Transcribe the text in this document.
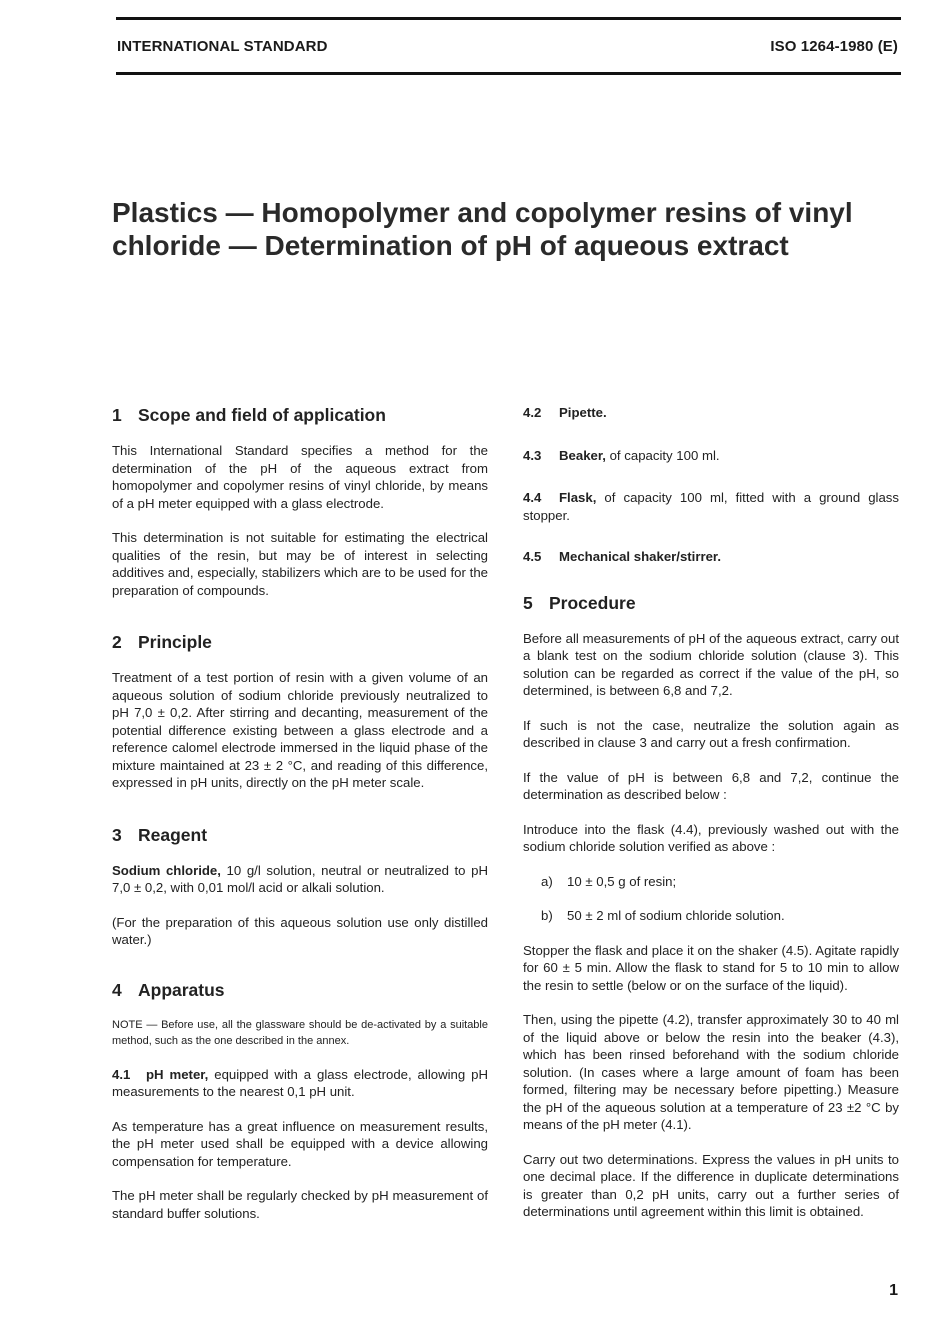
INTERNATIONAL STANDARD	ISO 1264-1980 (E)
Plastics — Homopolymer and copolymer resins of vinyl
chloride — Determination of pH of aqueous extract
1 Scope and field of application

This International Standard specifies a method for the determination of the pH of the aqueous extract from homopolymer and copolymer resins of vinyl chloride, by means of a pH meter equipped with a glass electrode.

This determination is not suitable for estimating the electrical qualities of the resin, but may be of interest in selecting additives and, especially, stabilizers which are to be used for the preparation of compounds.

2 Principle

Treatment of a test portion of resin with a given volume of an aqueous solution of sodium chloride previously neutralized to pH 7,0 ± 0,2. After stirring and decanting, measurement of the potential difference existing between a glass electrode and a reference calomel electrode immersed in the liquid phase of the mixture maintained at 23 ± 2 °C, and reading of this difference, expressed in pH units, directly on the pH meter scale.

3 Reagent

Sodium chloride, 10 g/l solution, neutral or neutralized to pH 7,0 ± 0,2, with 0,01 mol/l acid or alkali solution.

(For the preparation of this aqueous solution use only distilled water.)

4 Apparatus

NOTE — Before use, all the glassware should be de-activated by a suitable method, such as the one described in the annex.

4.1 pH meter, equipped with a glass electrode, allowing pH measurements to the nearest 0,1 pH unit.

As temperature has a great influence on measurement results, the pH meter used shall be equipped with a device allowing compensation for temperature.

The pH meter shall be regularly checked by pH measurement of standard buffer solutions.

4.2 Pipette.

4.3 Beaker, of capacity 100 ml.

4.4 Flask, of capacity 100 ml, fitted with a ground glass stopper.

4.5 Mechanical shaker/stirrer.

5 Procedure

Before all measurements of pH of the aqueous extract, carry out a blank test on the sodium chloride solution (clause 3). This solution can be regarded as correct if the value of the pH, so determined, is between 6,8 and 7,2.

If such is not the case, neutralize the solution again as described in clause 3 and carry out a fresh confirmation.

If the value of pH is between 6,8 and 7,2, continue the determination as described below :

Introduce into the flask (4.4), previously washed out with the sodium chloride solution verified as above :

a) 10 ± 0,5 g of resin;

b) 50 ± 2 ml of sodium chloride solution.

Stopper the flask and place it on the shaker (4.5). Agitate rapidly for 60 ± 5 min. Allow the flask to stand for 5 to 10 min to allow the resin to settle (below or on the surface of the liquid).

Then, using the pipette (4.2), transfer approximately 30 to 40 ml of the liquid above or below the resin into the beaker (4.3), which has been rinsed beforehand with the sodium chloride solution. (In cases where a large amount of foam has been formed, filtering may be necessary before pipetting.) Measure the pH of the aqueous solution at a temperature of 23 ±2 °C by means of the pH meter (4.1).

Carry out two determinations. Express the values in pH units to one decimal place. If the difference in duplicate determinations is greater than 0,2 pH units, carry out a further series of determinations until agreement within this limit is obtained.

1
